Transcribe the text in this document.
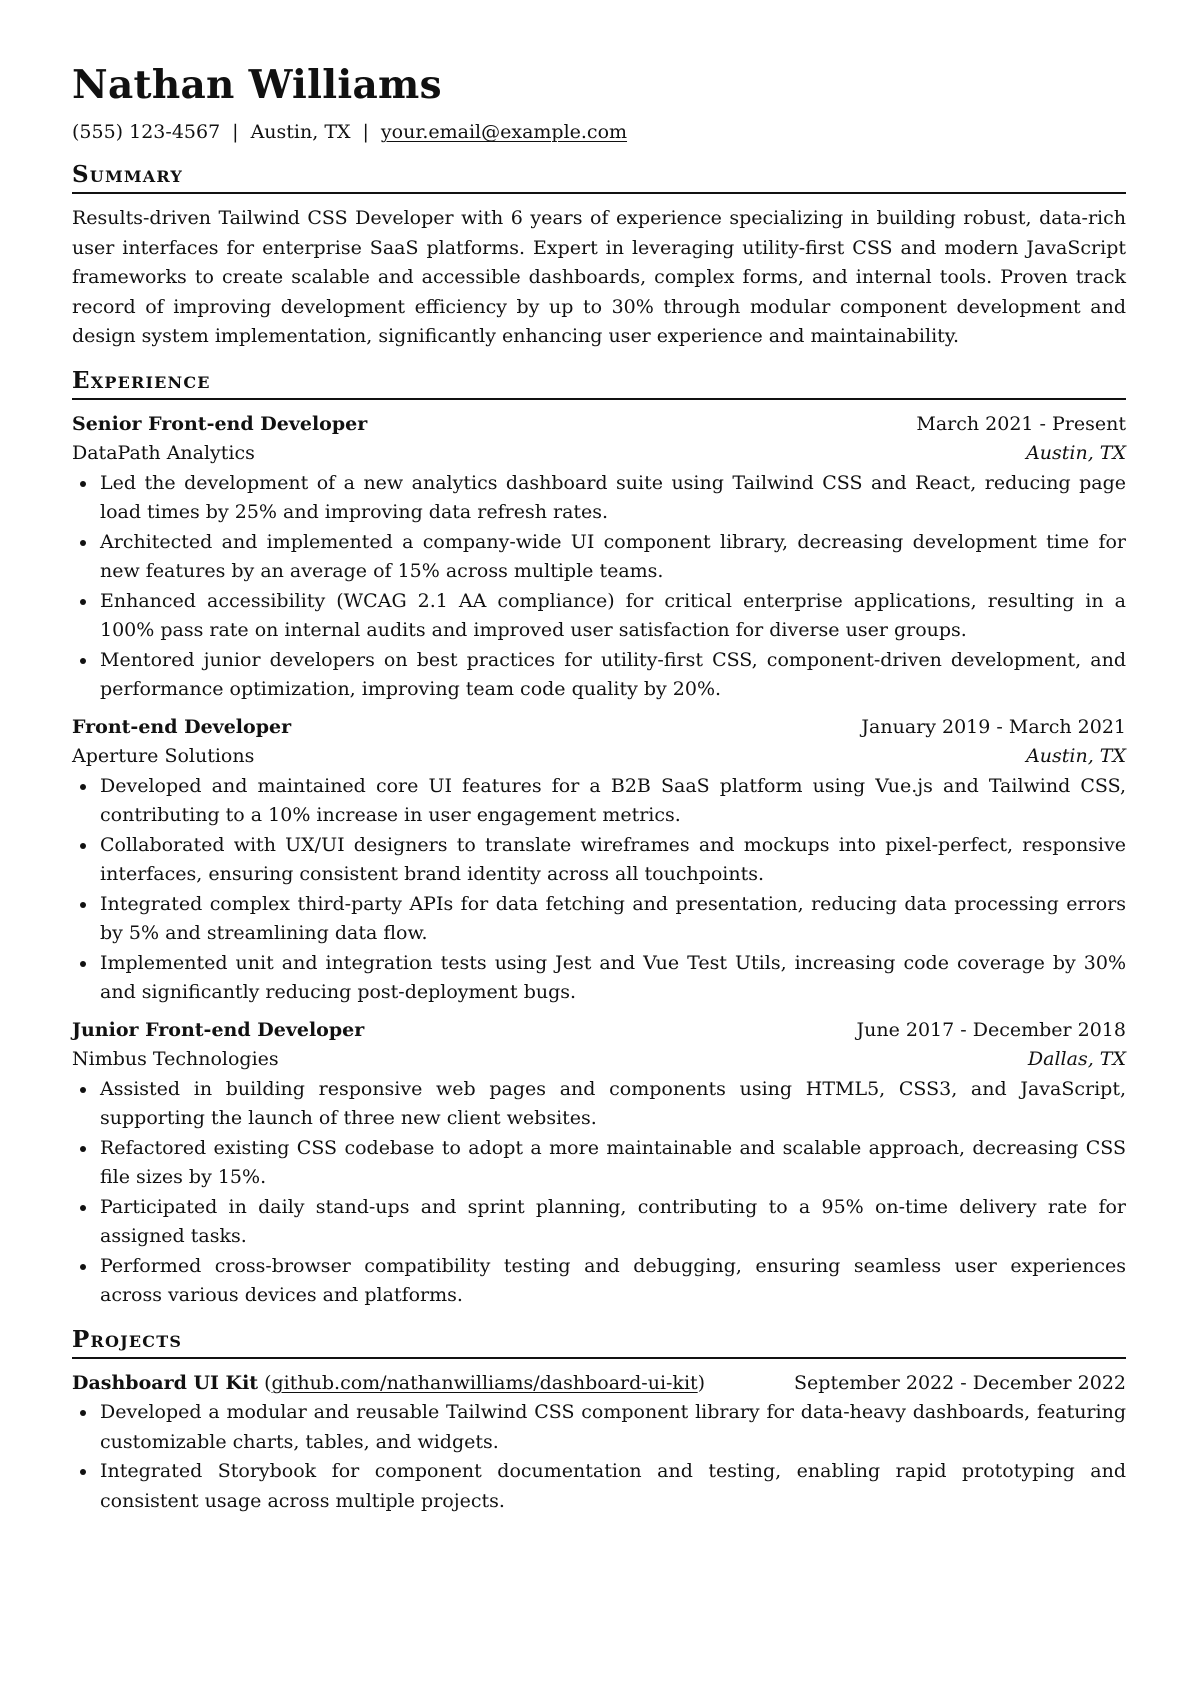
Nathan Williams
(555) 123-4567 | Austin, TX | your.email@example.com
Summary

Results-driven Tailwind CSS Developer with 6 years of experience specializing in building robust, data-rich user interfaces for enterprise SaaS platforms. Expert in leveraging utility-first CSS and modern JavaScript frameworks to create scalable and accessible dashboards, complex forms, and internal tools. Proven track record of improving development efficiency by up to 30% through modular component development and design system implementation, significantly enhancing user experience and maintainability.

Experience
Senior Front-end Developer	March 2021 - Present
DataPath Analytics	Austin, TX
Led the development of a new analytics dashboard suite using Tailwind CSS and React, reducing page load times by 25% and improving data refresh rates.
Architected and implemented a company-wide UI component library, decreasing development time for new features by an average of 15% across multiple teams.
Enhanced accessibility (WCAG 2.1 AA compliance) for critical enterprise applications, resulting in a 100% pass rate on internal audits and improved user satisfaction for diverse user groups.
Mentored junior developers on best practices for utility-first CSS, component-driven development, and performance optimization, improving team code quality by 20%.
Front-end Developer	January 2019 - March 2021
Aperture Solutions	Austin, TX
Developed and maintained core UI features for a B2B SaaS platform using Vue.js and Tailwind CSS, contributing to a 10% increase in user engagement metrics.
Collaborated with UX/UI designers to translate wireframes and mockups into pixel-perfect, responsive interfaces, ensuring consistent brand identity across all touchpoints.
Integrated complex third-party APIs for data fetching and presentation, reducing data processing errors by 5% and streamlining data flow.
Implemented unit and integration tests using Jest and Vue Test Utils, increasing code coverage by 30% and significantly reducing post-deployment bugs.
Junior Front-end Developer	June 2017 - December 2018
Nimbus Technologies	Dallas, TX
Assisted in building responsive web pages and components using HTML5, CSS3, and JavaScript, supporting the launch of three new client websites.
Refactored existing CSS codebase to adopt a more maintainable and scalable approach, decreasing CSS file sizes by 15%.
Participated in daily stand-ups and sprint planning, contributing to a 95% on-time delivery rate for assigned tasks.
Performed cross-browser compatibility testing and debugging, ensuring seamless user experiences across various devices and platforms.
Projects
Dashboard UI Kit (github.com/nathanwilliams/dashboard-ui-kit)	September 2022 - December 2022
Developed a modular and reusable Tailwind CSS component library for data-heavy dashboards, featuring customizable charts, tables, and widgets.
Integrated Storybook for component documentation and testing, enabling rapid prototyping and consistent usage across multiple projects.
